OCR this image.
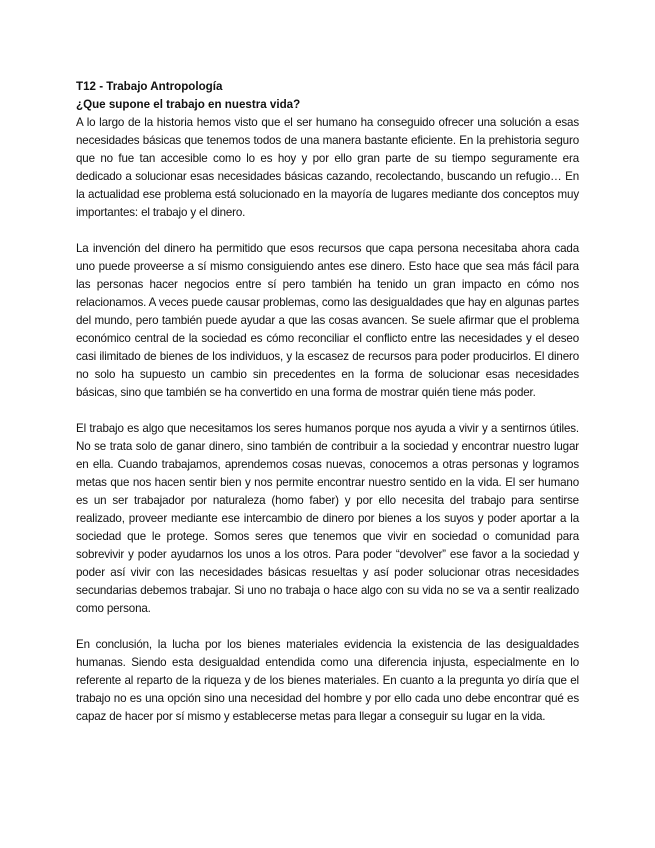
T12 - Trabajo Antropología

¿Que supone el trabajo en nuestra vida?

A lo largo de la historia hemos visto que el ser humano ha conseguido ofrecer una solución a esas necesidades básicas que tenemos todos de una manera bastante eficiente. En la prehistoria seguro que no fue tan accesible como lo es hoy y por ello gran parte de su tiempo seguramente era dedicado a solucionar esas necesidades básicas cazando, recolectando, buscando un refugio… En la actualidad ese problema está solucionado en la mayoría de lugares mediante dos conceptos muy importantes: el trabajo y el dinero.

La invención del dinero ha permitido que esos recursos que capa persona necesitaba ahora cada uno puede proveerse a sí mismo consiguiendo antes ese dinero. Esto hace que sea más fácil para las personas hacer negocios entre sí pero también ha tenido un gran impacto en cómo nos relacionamos. A veces puede causar problemas, como las desigualdades que hay en algunas partes del mundo, pero también puede ayudar a que las cosas avancen. Se suele afirmar que el problema económico central de la sociedad es cómo reconciliar el conflicto entre las necesidades y el deseo casi ilimitado de bienes de los individuos, y la escasez de recursos para poder producirlos. El dinero no solo ha supuesto un cambio sin precedentes en la forma de solucionar esas necesidades básicas, sino que también se ha convertido en una forma de mostrar quién tiene más poder.

El trabajo es algo que necesitamos los seres humanos porque nos ayuda a vivir y a sentirnos útiles. No se trata solo de ganar dinero, sino también de contribuir a la sociedad y encontrar nuestro lugar en ella. Cuando trabajamos, aprendemos cosas nuevas, conocemos a otras personas y logramos metas que nos hacen sentir bien y nos permite encontrar nuestro sentido en la vida. El ser humano es un ser trabajador por naturaleza (homo faber) y por ello necesita del trabajo para sentirse realizado, proveer mediante ese intercambio de dinero por bienes a los suyos y poder aportar a la sociedad que le protege. Somos seres que tenemos que vivir en sociedad o comunidad para sobrevivir y poder ayudarnos los unos a los otros. Para poder “devolver” ese favor a la sociedad y poder así vivir con las necesidades básicas resueltas y así poder solucionar otras necesidades secundarias debemos trabajar. Si uno no trabaja o hace algo con su vida no se va a sentir realizado como persona.

En conclusión, la lucha por los bienes materiales evidencia la existencia de las desigualdades humanas. Siendo esta desigualdad entendida como una diferencia injusta, especialmente en lo referente al reparto de la riqueza y de los bienes materiales. En cuanto a la pregunta yo diría que el trabajo no es una opción sino una necesidad del hombre y por ello cada uno debe encontrar qué es capaz de hacer por sí mismo y establecerse metas para llegar a conseguir su lugar en la vida.
